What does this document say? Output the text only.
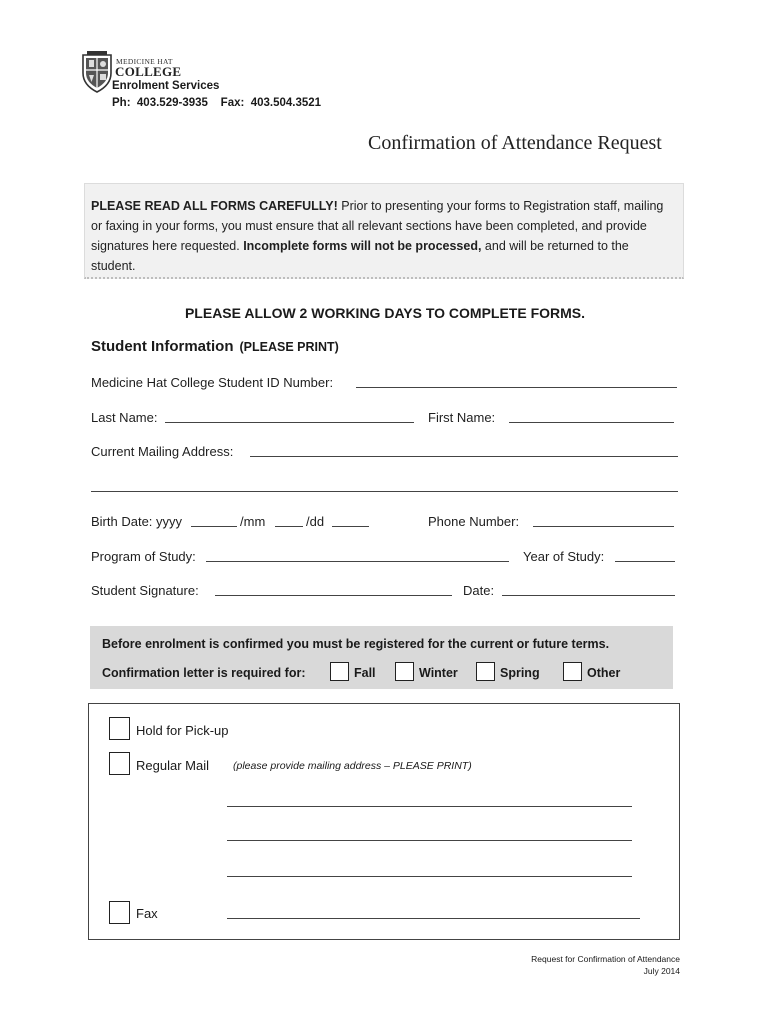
MEDICINE HAT
COLLEGE
Enrolment Services
Ph:  403.529-3935    Fax:  403.504.3521
Confirmation of Attendance Request
PLEASE READ ALL FORMS CAREFULLY! Prior to presenting your forms to Registration staff, mailing or faxing in your forms, you must ensure that all relevant sections have been completed, and provide signatures here requested. Incomplete forms will not be processed, and will be returned to the student.
PLEASE ALLOW 2 WORKING DAYS TO COMPLETE FORMS.
Student Information (PLEASE PRINT)
Medicine Hat College Student ID Number:
Last Name:	First Name:
Current Mailing Address:
Birth Date: yyyy	/mm	/dd	Phone Number:
Program of Study:	Year of Study:
Student Signature:	Date:
Before enrolment is confirmed you must be registered for the current or future terms.
Confirmation letter is required for:	Fall	Winter	Spring	Other
Hold for Pick-up
Regular Mail (please provide mailing address – PLEASE PRINT)
Fax
Request for Confirmation of Attendance
July 2014
